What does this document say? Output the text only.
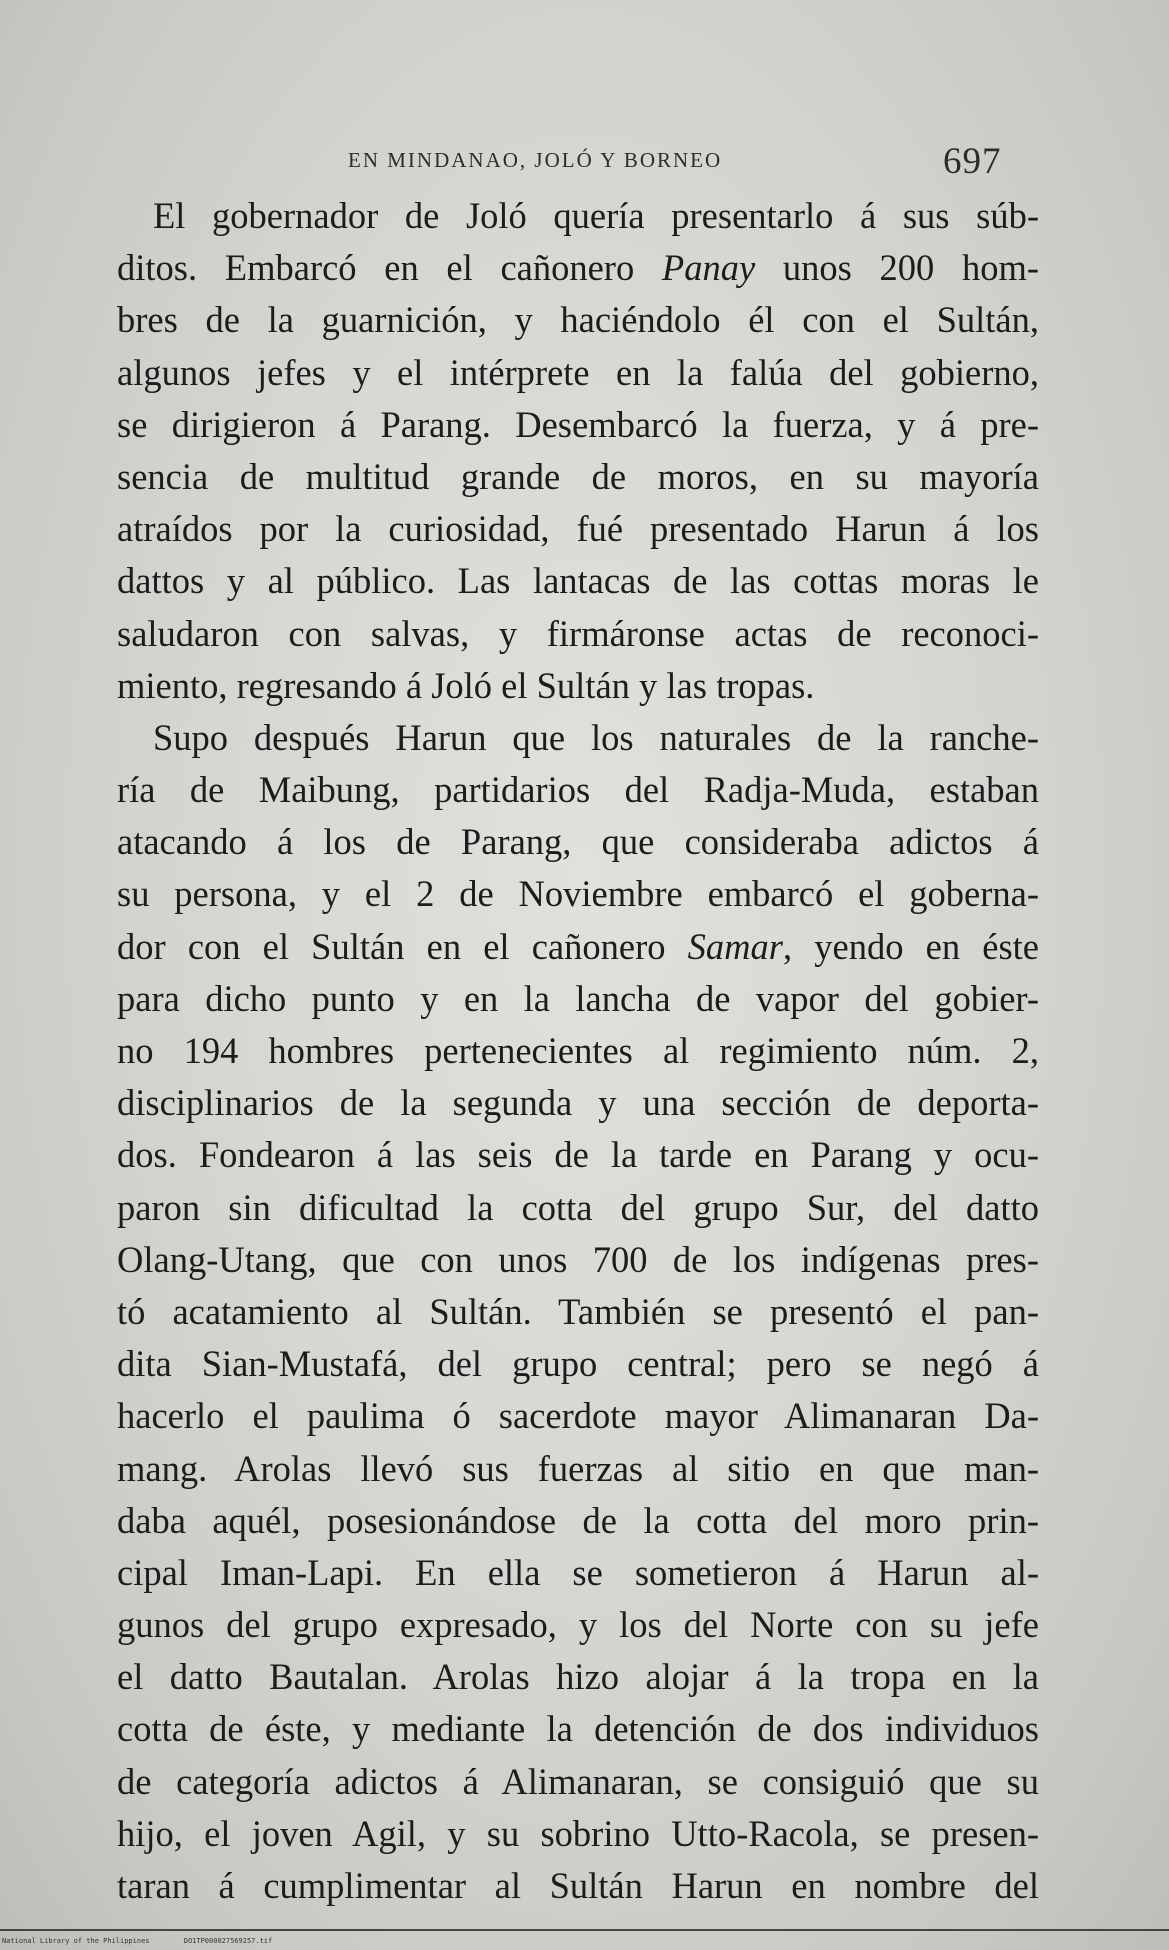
EN MINDANAO, JOLÓ Y BORNEO	697
El gobernador de Joló quería presentarlo á sus súb-
ditos. Embarcó en el cañonero Panay unos 200 hom-
bres de la guarnición, y haciéndolo él con el Sultán,
algunos jefes y el intérprete en la falúa del gobierno,
se dirigieron á Parang. Desembarcó la fuerza, y á pre-
sencia de multitud grande de moros, en su mayoría
atraídos por la curiosidad, fué presentado Harun á los
dattos y al público. Las lantacas de las cottas moras le
saludaron con salvas, y firmáronse actas de reconoci-
miento, regresando á Joló el Sultán y las tropas.
Supo después Harun que los naturales de la ranche-
ría de Maibung, partidarios del Radja-Muda, estaban
atacando á los de Parang, que consideraba adictos á
su persona, y el 2 de Noviembre embarcó el goberna-
dor con el Sultán en el cañonero Samar, yendo en éste
para dicho punto y en la lancha de vapor del gobier-
no 194 hombres pertenecientes al regimiento núm. 2,
disciplinarios de la segunda y una sección de deporta-
dos. Fondearon á las seis de la tarde en Parang y ocu-
paron sin dificultad la cotta del grupo Sur, del datto
Olang-Utang, que con unos 700 de los indígenas pres-
tó acatamiento al Sultán. También se presentó el pan-
dita Sian-Mustafá, del grupo central; pero se negó á
hacerlo el paulima ó sacerdote mayor Alimanaran Da-
mang. Arolas llevó sus fuerzas al sitio en que man-
daba aquél, posesionándose de la cotta del moro prin-
cipal Iman-Lapi. En ella se sometieron á Harun al-
gunos del grupo expresado, y los del Norte con su jefe
el datto Bautalan. Arolas hizo alojar á la tropa en la
cotta de éste, y mediante la detención de dos individuos
de categoría adictos á Alimanaran, se consiguió que su
hijo, el joven Agil, y su sobrino Utto-Racola, se presen-
taran á cumplimentar al Sultán Harun en nombre del
National Library of the Philippines	DO1TP000027569257.tif
